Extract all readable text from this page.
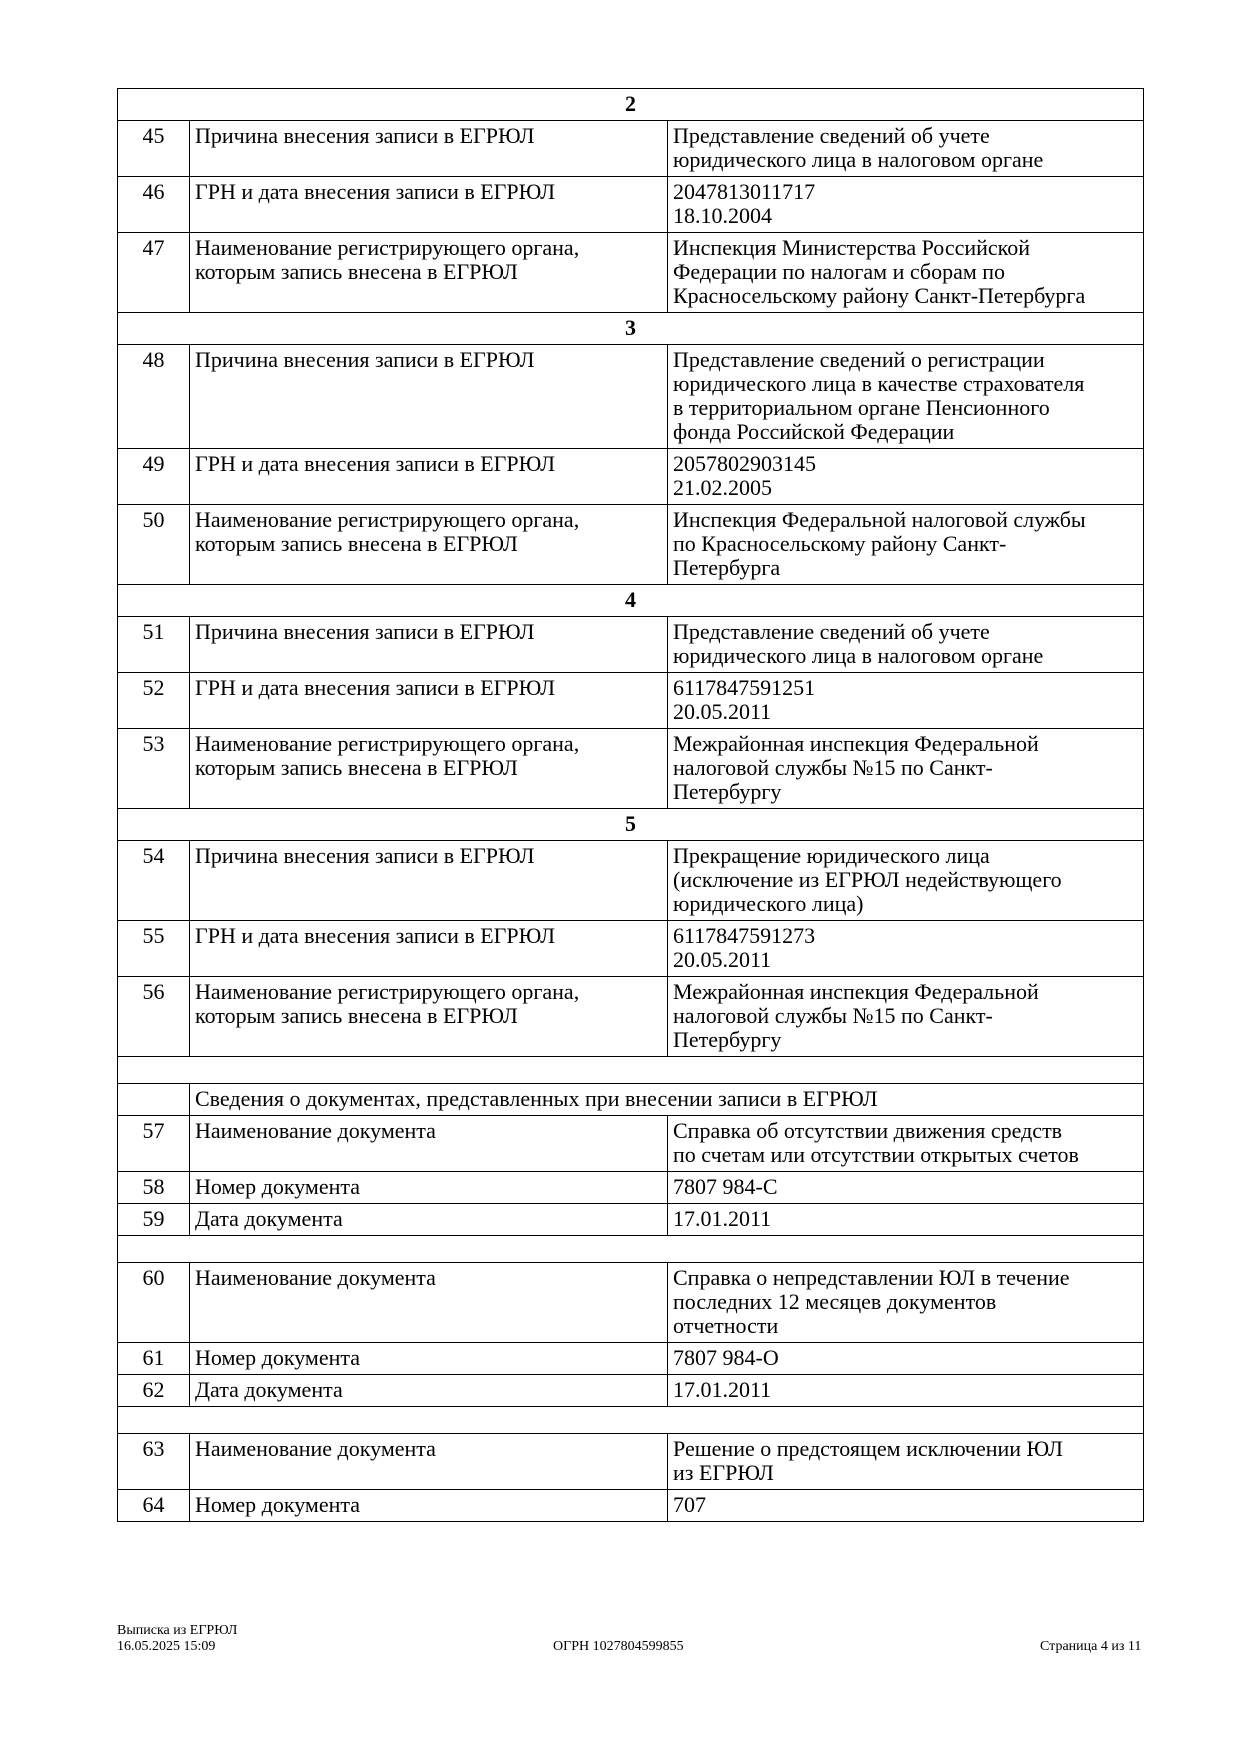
2		
45	Причина внесения записи в ЕГРЮЛ	Представление сведений об учете
юридического лица в налоговом органе
46	ГРН и дата внесения записи в ЕГРЮЛ	2047813011717
18.10.2004
47	Наименование регистрирующего органа,
которым запись внесена в ЕГРЮЛ	Инспекция Министерства Российской
Федерации по налогам и сборам по
Красносельскому району Санкт-Петербурга
3		
48	Причина внесения записи в ЕГРЮЛ	Представление сведений о регистрации
юридического лица в качестве страхователя
в территориальном органе Пенсионного
фонда Российской Федерации
49	ГРН и дата внесения записи в ЕГРЮЛ	2057802903145
21.02.2005
50	Наименование регистрирующего органа,
которым запись внесена в ЕГРЮЛ	Инспекция Федеральной налоговой службы
по Красносельскому району Санкт-
Петербурга
4		
51	Причина внесения записи в ЕГРЮЛ	Представление сведений об учете
юридического лица в налоговом органе
52	ГРН и дата внесения записи в ЕГРЮЛ	6117847591251
20.05.2011
53	Наименование регистрирующего органа,
которым запись внесена в ЕГРЮЛ	Межрайонная инспекция Федеральной
налоговой службы №15 по Санкт-
Петербургу
5		
54	Причина внесения записи в ЕГРЮЛ	Прекращение юридического лица
(исключение из ЕГРЮЛ недействующего
юридического лица)
55	ГРН и дата внесения записи в ЕГРЮЛ	6117847591273
20.05.2011
56	Наименование регистрирующего органа,
которым запись внесена в ЕГРЮЛ	Межрайонная инспекция Федеральной
налоговой службы №15 по Санкт-
Петербургу

	Сведения о документах, представленных при внесении записи в ЕГРЮЛ	
57	Наименование документа	Справка об отсутствии движения средств
по счетам или отсутствии открытых счетов
58	Номер документа	7807 984-С
59	Дата документа	17.01.2011

60	Наименование документа	Справка о непредставлении ЮЛ в течение
последних 12 месяцев документов
отчетности
61	Номер документа	7807 984-О
62	Дата документа	17.01.2011

63	Наименование документа	Решение о предстоящем исключении ЮЛ
из ЕГРЮЛ
64	Номер документа	707
Выписка из ЕГРЮЛ
16.05.2025 15:09	ОГРН 1027804599855	Страница 4 из 11
